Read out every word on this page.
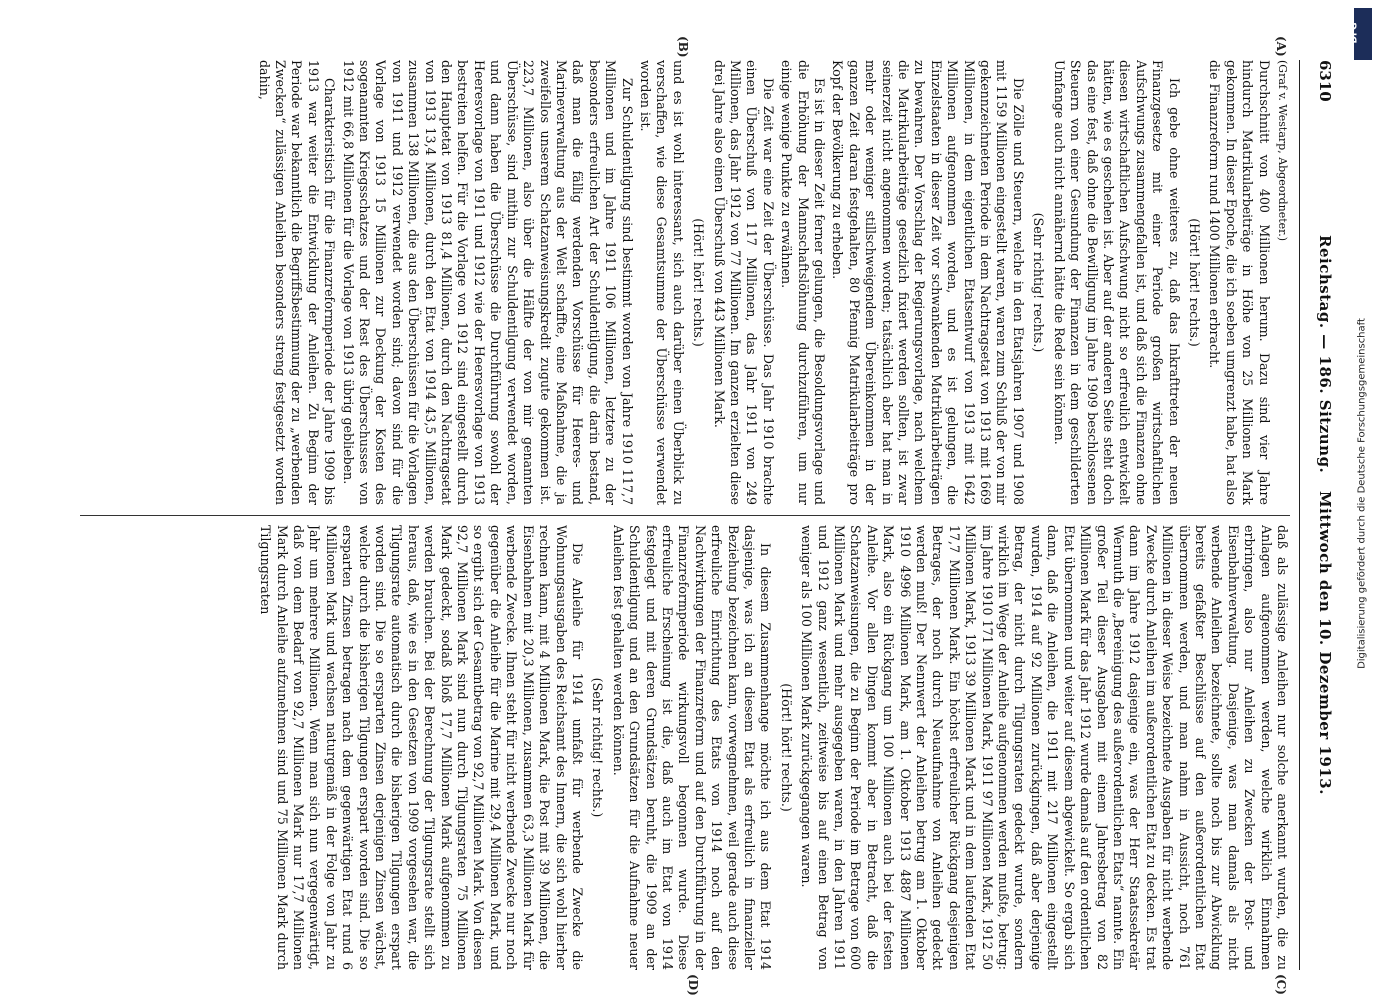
6310
Reichstag. — 186. Sitzung. Mittwoch den 10. Dezember 1913.
(A)
(B)
(C)
(D)

(Graf v. Westarp, Abgeordneter.)

Durchschnitt von 400 Millionen herum. Dazu sind vier Jahre hindurch Matrikularbeiträge in Höhe von 25 Millionen Mark gekommen. In dieser Epoche, die ich soeben umgrenzt habe, hat also die Finanzreform rund 1400 Millionen erbracht.

(Hört! hört! rechts.)

Ich gebe ohne weiteres zu, daß das Inkrafttreten der neuen Finanzgesetze mit einer Periode großen wirtschaftlichen Aufschwungs zusammengefallen ist, und daß sich die Finanzen ohne diesen wirtschaftlichen Aufschwung nicht so erfreulich entwickelt hätten, wie es geschehen ist. Aber auf der anderen Seite steht doch das eine fest, daß ohne die Bewilligung im Jahre 1909 beschlossenen Steuern von einer Gesundung der Finanzen in dem geschilderten Umfange auch nicht annähernd hätte die Rede sein können.

(Sehr richtig! rechts.)

Die Zölle und Steuern, welche in den Etatsjahren 1907 und 1908 mit 1159 Millionen eingestellt waren, waren zum Schluß der von mir gekennzeichneten Periode in dem Nachtragsetat von 1913 mit 1669 Millionen, in dem eigentlichen Etatsentwurf von 1913 mit 1642 Millionen aufgenommen worden, und es ist gelungen, die Einzelstaaten in dieser Zeit vor schwankenden Matrikularbeiträgen zu bewahren. Der Vorschlag der Regierungsvorlage, nach welchem die Matrikularbeiträge gesetzlich fixiert werden sollten, ist zwar seinerzeit nicht angenommen worden; tatsächlich aber hat man in mehr oder weniger stillschweigendem Übereinkommen in der ganzen Zeit daran festgehalten, 80 Pfennig Matrikularbeiträge pro Kopf der Bevölkerung zu erheben.

Es ist in dieser Zeit ferner gelungen, die Besoldungsvorlage und die Erhöhung der Mannschaftslöhnung durchzuführen, um nur einige wenige Punkte zu erwähnen.

Die Zeit war eine Zeit der Überschüsse. Das Jahr 1910 brachte einen Überschuß von 117 Millionen, das Jahr 1911 von 249 Millionen, das Jahr 1912 von 77 Millionen. Im ganzen erzielten diese drei Jahre also einen Überschuß von 443 Millionen Mark.

(Hört! hört! rechts.)

und es ist wohl interessant, sich auch darüber einen Überblick zu verschaffen, wie diese Gesamtsumme der Überschüsse verwendet worden ist.

Zur Schuldentilgung sind bestimmt worden von Jahre 1910 117,7 Millionen und im Jahre 1911 106 Millionen, letztere zu der besonders erfreulichen Art der Schuldentilgung, die darin bestand, daß man die fällig werdenden Vorschüsse für Heeres- und Marineverwaltung aus der Welt schaffte, eine Maßnahme, die ja zweifellos unserem Schatzanweisungskredit zugute gekommen ist. 223,7 Millionen, also über die Hälfte der von mir genannten Überschüsse, sind mithin zur Schuldentilgung verwendet worden, und dann haben die Überschüsse die Durchführung sowohl der Heeresvorlage von 1911 und 1912 wie der Heeresvorlage von 1913 bestreiten helfen. Für die Vorlage von 1912 sind eingestellt durch den Hauptetat von 1913 81,4 Millionen, durch den Nachtragsetat von 1913 13,4 Millionen, durch den Etat von 1914 43,5 Millionen, zusammen 138 Millionen, die aus den Überschüssen für die Vorlagen von 1911 und 1912 verwendet worden sind; davon sind für die Vorlage von 1913 15 Millionen zur Deckung der Kosten des sogenannten Kriegsschatzes und der Rest des Überschusses von 1912 mit 66,8 Millionen für die Vorlage von 1913 übrig geblieben.

Charakteristisch für die Finanzreformperiode der Jahre 1909 bis 1913 war weiter die Entwicklung der Anleihen. Zu Beginn der Periode war bekanntlich die Begriffsbestimmung der zu „werbenden Zwecken“ zulässigen Anleihen besonders streng festgesetzt worden dahin,

daß als zulässige Anleihen nur solche anerkannt wurden, die zu Anlagen aufgenommen werden, welche wirklich Einnahmen erbringen, also nur Anleihen zu Zwecken der Post- und Eisenbahnverwaltung. Dasjenige, was man damals als nicht werbende Anleihen bezeichnete, sollte noch bis zur Abwicklung bereits gefaßter Beschlüsse auf den außerordentlichen Etat übernommen werden, und man nahm in Aussicht, noch 761 Millionen in dieser Weise bezeichnete Ausgaben für nicht werbende Zwecke durch Anleihen im außerordentlichen Etat zu decken. Es trat dann im Jahre 1912 dasjenige ein, was der Herr Staatssekretär Wermuth die „Bereinigung des außerordentlichen Etats“ nannte. Ein großer Teil dieser Ausgaben mit einem Jahresbetrag von 82 Millionen Mark für das Jahr 1912 wurde damals auf den ordentlichen Etat übernommen und weiter auf diesem abgewickelt. So ergab sich dann, daß die Anleihen, die 1911 mit 217 Millionen eingestellt wurden, 1914 auf 92 Millionen zurückgingen, daß aber derjenige Betrag, der nicht durch Tilgungsraten gedeckt wurde, sondern wirklich im Wege der Anleihe aufgenommen werden mußte, betrug: im Jahre 1910 171 Millionen Mark, 1911 97 Millionen Mark, 1912 50 Millionen Mark, 1913 39 Millionen Mark und in dem laufenden Etat 17,7 Millionen Mark. Ein höchst erfreulicher Rückgang desjenigen Betrages, der noch durch Neuaufnahme von Anleihen gedeckt werden muß! Der Nennwert der Anleihen betrug am 1. Oktober 1910 4996 Millionen Mark, am 1. Oktober 1913 4887 Millionen Mark, also ein Rückgang um 100 Millionen auch bei der festen Anleihe. Vor allen Dingen kommt aber in Betracht, daß die Schatzanweisungen, die zu Beginn der Periode im Betrage von 600 Millionen Mark und mehr ausgegeben waren, in den Jahren 1911 und 1912 ganz wesentlich, zeitweise bis auf einen Betrag von weniger als 100 Millionen Mark zurückgegangen waren.

(Hört! hört! rechts.)

In diesem Zusammenhange möchte ich aus dem Etat 1914 dasjenige, was ich an diesem Etat als erfreulich in finanzieller Beziehung bezeichnen kann, vorwegnehmen, weil gerade auch diese erfreuliche Einrichtung des Etats von 1914 noch auf den Nachwirkungen der Finanzreform und auf den Durchführung in der Finanzreformperiode wirkungsvoll begonnen wurde. Diese erfreuliche Erscheinung ist die, daß auch im Etat von 1914 festgelegt und mit deren Grundsätzen beruht, die 1909 an der Schuldentilgung und an den Grundsätzen für die Aufnahme neuer Anleihen fest gehalten werden können.

(Sehr richtig! rechts.)

Die Anleihe für 1914 umfaßt für werbende Zwecke die Wohnungsausgaben des Reichsamt des Innern, die sich wohl hierher rechnen kann, mit 4 Millionen Mark, die Post mit 39 Millionen, die Eisenbahnen mit 20,3 Millionen, zusammen 63,3 Millionen Mark für werbende Zwecke. Ihnen steht für nicht werbende Zwecke nur noch gegenüber die Anleihe für die Marine mit 29,4 Millionen Mark, und so ergibt sich der Gesamtbetrag von 92,7 Millionen Mark. Von diesen 92,7 Millionen Mark sind nun durch Tilgungsraten 75 Millionen Mark gedeckt, sodaß bloß 17,7 Millionen Mark aufgenommen zu werden brauchen. Bei der Berechnung der Tilgungsrate stellt sich heraus, daß, wie es in den Gesetzen von 1909 vorgesehen war, die Tilgungsrate automatisch durch die bisherigen Tilgungen erspart worden sind. Die so ersparten Zinsen derjenigen Zinsen wächst, welche durch die bisherigen Tilgungen erspart worden sind. Die so ersparten Zinsen betragen nach dem gegenwärtigen Etat rund 6 Millionen Mark und wachsen naturgemäß in der Folge von Jahr zu Jahr um mehrere Millionen. Wenn man sich nun vergegenwärtigt, daß von dem Bedarf von 92,7 Millionen Mark nur 17,7 Millionen Mark durch Anleihe aufzunehmen sind und 75 Millionen Mark durch Tilgungsraten

DFG
Digitalisierung gefördert durch die Deutsche Forschungsgemeinschaft
